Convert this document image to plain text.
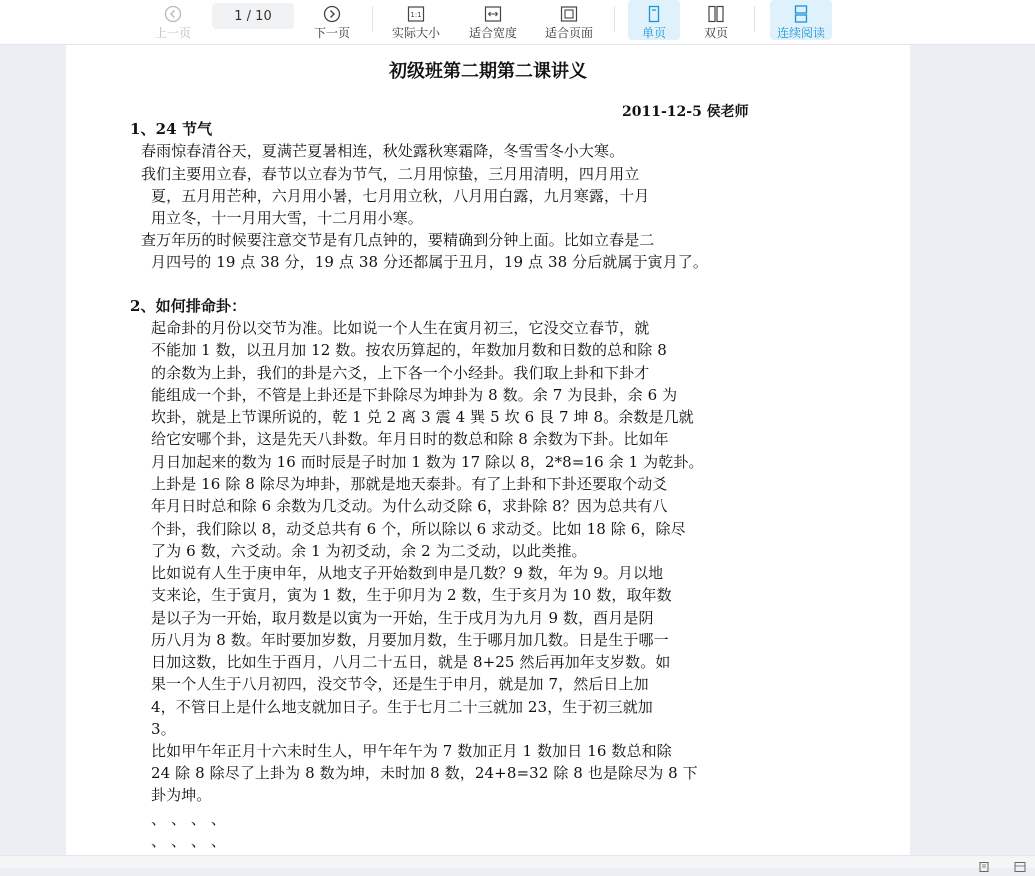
上一页
1 / 10
下一页
1:1
实际大小 适合宽度 适合页面	单页	双页	连续阅读
初级班第二期第二课讲义
2011-12-5 侯老师
1、24 节气
春雨惊春清谷天，夏满芒夏暑相连，秋处露秋寒霜降，冬雪雪冬小大寒。
我们主要用立春，春节以立春为节气，二月用惊蛰，三月用清明，四月用立
夏，五月用芒种，六月用小暑，七月用立秋，八月用白露，九月寒露，十月
用立冬，十一月用大雪，十二月用小寒。
查万年历的时候要注意交节是有几点钟的，要精确到分钟上面。比如立春是二
月四号的 19 点 38 分，19 点 38 分还都属于丑月，19 点 38 分后就属于寅月了。
2、如何排命卦：
起命卦的月份以交节为准。比如说一个人生在寅月初三，它没交立春节，就
不能加 1 数，以丑月加 12 数。按农历算起的，年数加月数和日数的总和除 8
的余数为上卦，我们的卦是六爻，上下各一个小经卦。我们取上卦和下卦才
能组成一个卦，不管是上卦还是下卦除尽为坤卦为 8 数。余 7 为艮卦，余 6 为
坎卦，就是上节课所说的，乾 1 兑 2 离 3 震 4 巽 5 坎 6 艮 7 坤 8。余数是几就
给它安哪个卦，这是先天八卦数。年月日时的数总和除 8 余数为下卦。比如年
月日加起来的数为 16 而时辰是子时加 1 数为 17 除以 8，2*8=16 余 1 为乾卦。
上卦是 16 除 8 除尽为坤卦，那就是地天泰卦。有了上卦和下卦还要取个动爻
年月日时总和除 6 余数为几爻动。为什么动爻除 6，求卦除 8？因为总共有八
个卦，我们除以 8，动爻总共有 6 个，所以除以 6 求动爻。比如 18 除 6，除尽
了为 6 数，六爻动。余 1 为初爻动，余 2 为二爻动，以此类推。
比如说有人生于庚申年，从地支子开始数到申是几数？9 数，年为 9。月以地
支来论，生于寅月，寅为 1 数，生于卯月为 2 数，生于亥月为 10 数，取年数
是以子为一开始，取月数是以寅为一开始，生于戌月为九月 9 数，酉月是阴
历八月为 8 数。年时要加岁数，月要加月数，生于哪月加几数。日是生于哪一
日加这数，比如生于酉月，八月二十五日，就是 8+25 然后再加年支岁数。如
果一个人生于八月初四，没交节令，还是生于申月，就是加 7，然后日上加
4，不管日上是什么地支就加日子。生于七月二十三就加 23，生于初三就加
3。
比如甲午年正月十六未时生人，甲午年午为 7 数加正月 1 数加日 16 数总和除
24 除 8 除尽了上卦为 8 数为坤，未时加 8 数，24+8=32 除 8 也是除尽为 8 下
卦为坤。
、 、 、 、
、 、 、 、
